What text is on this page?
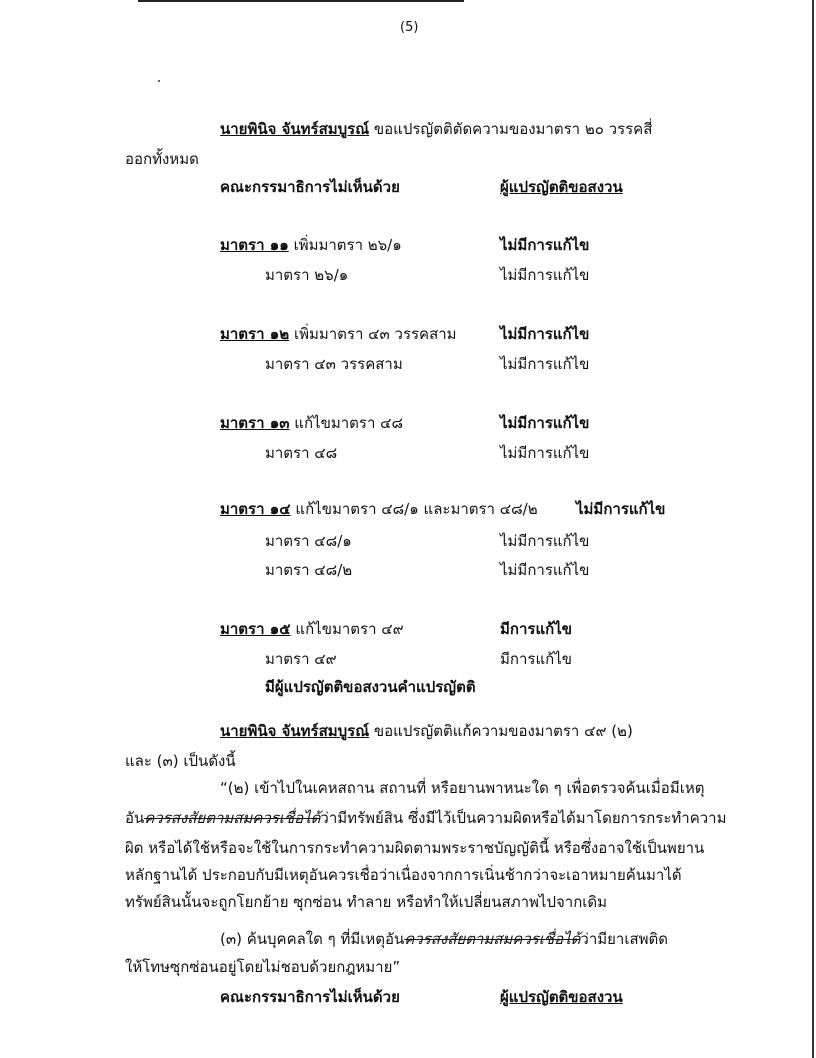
(5)
นายพินิจ จันทร์สมบูรณ์ ขอแปรญัตติตัดความของมาตรา ๒๐ วรรคสี่
ออกทั้งหมด
คณะกรรมาธิการไม่เห็นด้วย	ผู้แปรญัตติขอสงวน
มาตรา ๑๑ เพิ่มมาตรา ๒๖/๑	ไม่มีการแก้ไข
มาตรา ๒๖/๑	ไม่มีการแก้ไข
มาตรา ๑๒ เพิ่มมาตรา ๔๓ วรรคสาม	ไม่มีการแก้ไข
มาตรา ๔๓ วรรคสาม	ไม่มีการแก้ไข
มาตรา ๑๓ แก้ไขมาตรา ๔๘	ไม่มีการแก้ไข
มาตรา ๔๘	ไม่มีการแก้ไข
มาตรา ๑๔ แก้ไขมาตรา ๔๘/๑ และมาตรา ๔๘/๒	ไม่มีการแก้ไข
มาตรา ๔๘/๑	ไม่มีการแก้ไข
มาตรา ๔๘/๒	ไม่มีการแก้ไข
มาตรา ๑๕ แก้ไขมาตรา ๔๙	มีการแก้ไข
มาตรา ๔๙	มีการแก้ไข
มีผู้แปรญัตติขอสงวนคำแปรญัตติ
นายพินิจ จันทร์สมบูรณ์ ขอแปรญัตติแก้ความของมาตรา ๔๙ (๒)
และ (๓) เป็นดังนี้
“(๒) เข้าไปในเคหสถาน สถานที่ หรือยานพาหนะใด ๆ เพื่อตรวจค้นเมื่อมีเหตุ
อันควรสงสัยตามสมควรเชื่อได้ว่ามีทรัพย์สิน ซึ่งมีไว้เป็นความผิดหรือได้มาโดยการกระทำความ
ผิด หรือได้ใช้หรือจะใช้ในการกระทำความผิดตามพระราชบัญญัตินี้ หรือซึ่งอาจใช้เป็นพยาน
หลักฐานได้ ประกอบกับมีเหตุอันควรเชื่อว่าเนื่องจากการเนิ่นช้ากว่าจะเอาหมายค้นมาได้
ทรัพย์สินนั้นจะถูกโยกย้าย ซุกซ่อน ทำลาย หรือทำให้เปลี่ยนสภาพไปจากเดิม
(๓) ค้นบุคคลใด ๆ ที่มีเหตุอันควรสงสัยตามสมควรเชื่อได้ว่ามียาเสพติด
ให้โทษซุกซ่อนอยู่โดยไม่ชอบด้วยกฎหมาย”
คณะกรรมาธิการไม่เห็นด้วย	ผู้แปรญัตติขอสงวน
